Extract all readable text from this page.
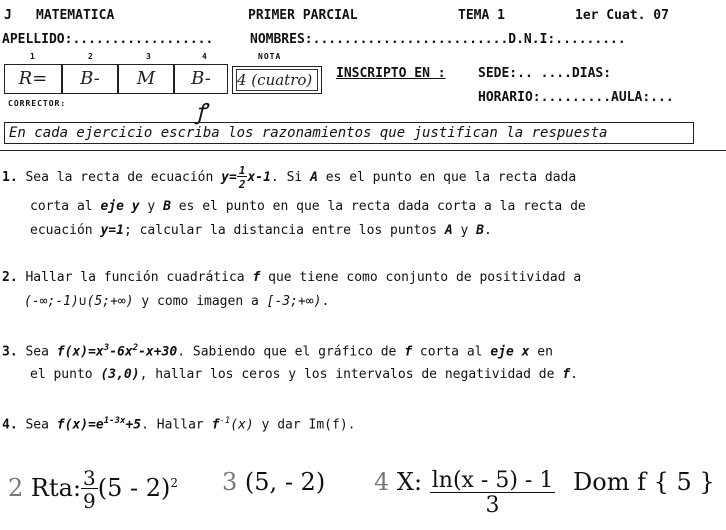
J MATEMATICA	PRIMER PARCIAL	TEMA 1	1er Cuat. 07
APELLIDO:..................	NOMBRES:.........................D.N.I:.........
1	2	3	4	NOTA
R=	B-	M	B-	4 (cuatro)	INSCRIPTO EN : SEDE:.. ....DIAS:
HORARIO:.........AULA:...
CORRECTOR:	ꝭ
En cada ejercicio escriba los razonamientos que justifican la respuesta
1. Sea la recta de ecuación $y= \frac{1}{2} x-1$. Si A es el punto en que la recta dada
corta al eje y y B es el punto en que la recta dada corta a la recta de
ecuación y=1; calcular la distancia entre los puntos A y B.
2. Hallar la función cuadrática f que tiene como conjunto de positividad a
(-∞;-1)∪(5;+∞) y como imagen a [-3;+∞).
3. Sea $f(x)=x^3-6x^2-x+30$. Sabiendo que el gráfico de f corta al eje x en
el punto (3,0), hallar los ceros y los intervalos de negatividad de f.
4. Sea $f(x)=e^{1-3x}+5$. Hallar $f^{-1}(x)$ y dar Im(f).
2 Rta: $\frac{3}{9} (5 - 2)^2$ 3 (5, - 2) 4 X: $\frac{\ln(x - 5) - 1}{3}$ Dom f { 5 }
